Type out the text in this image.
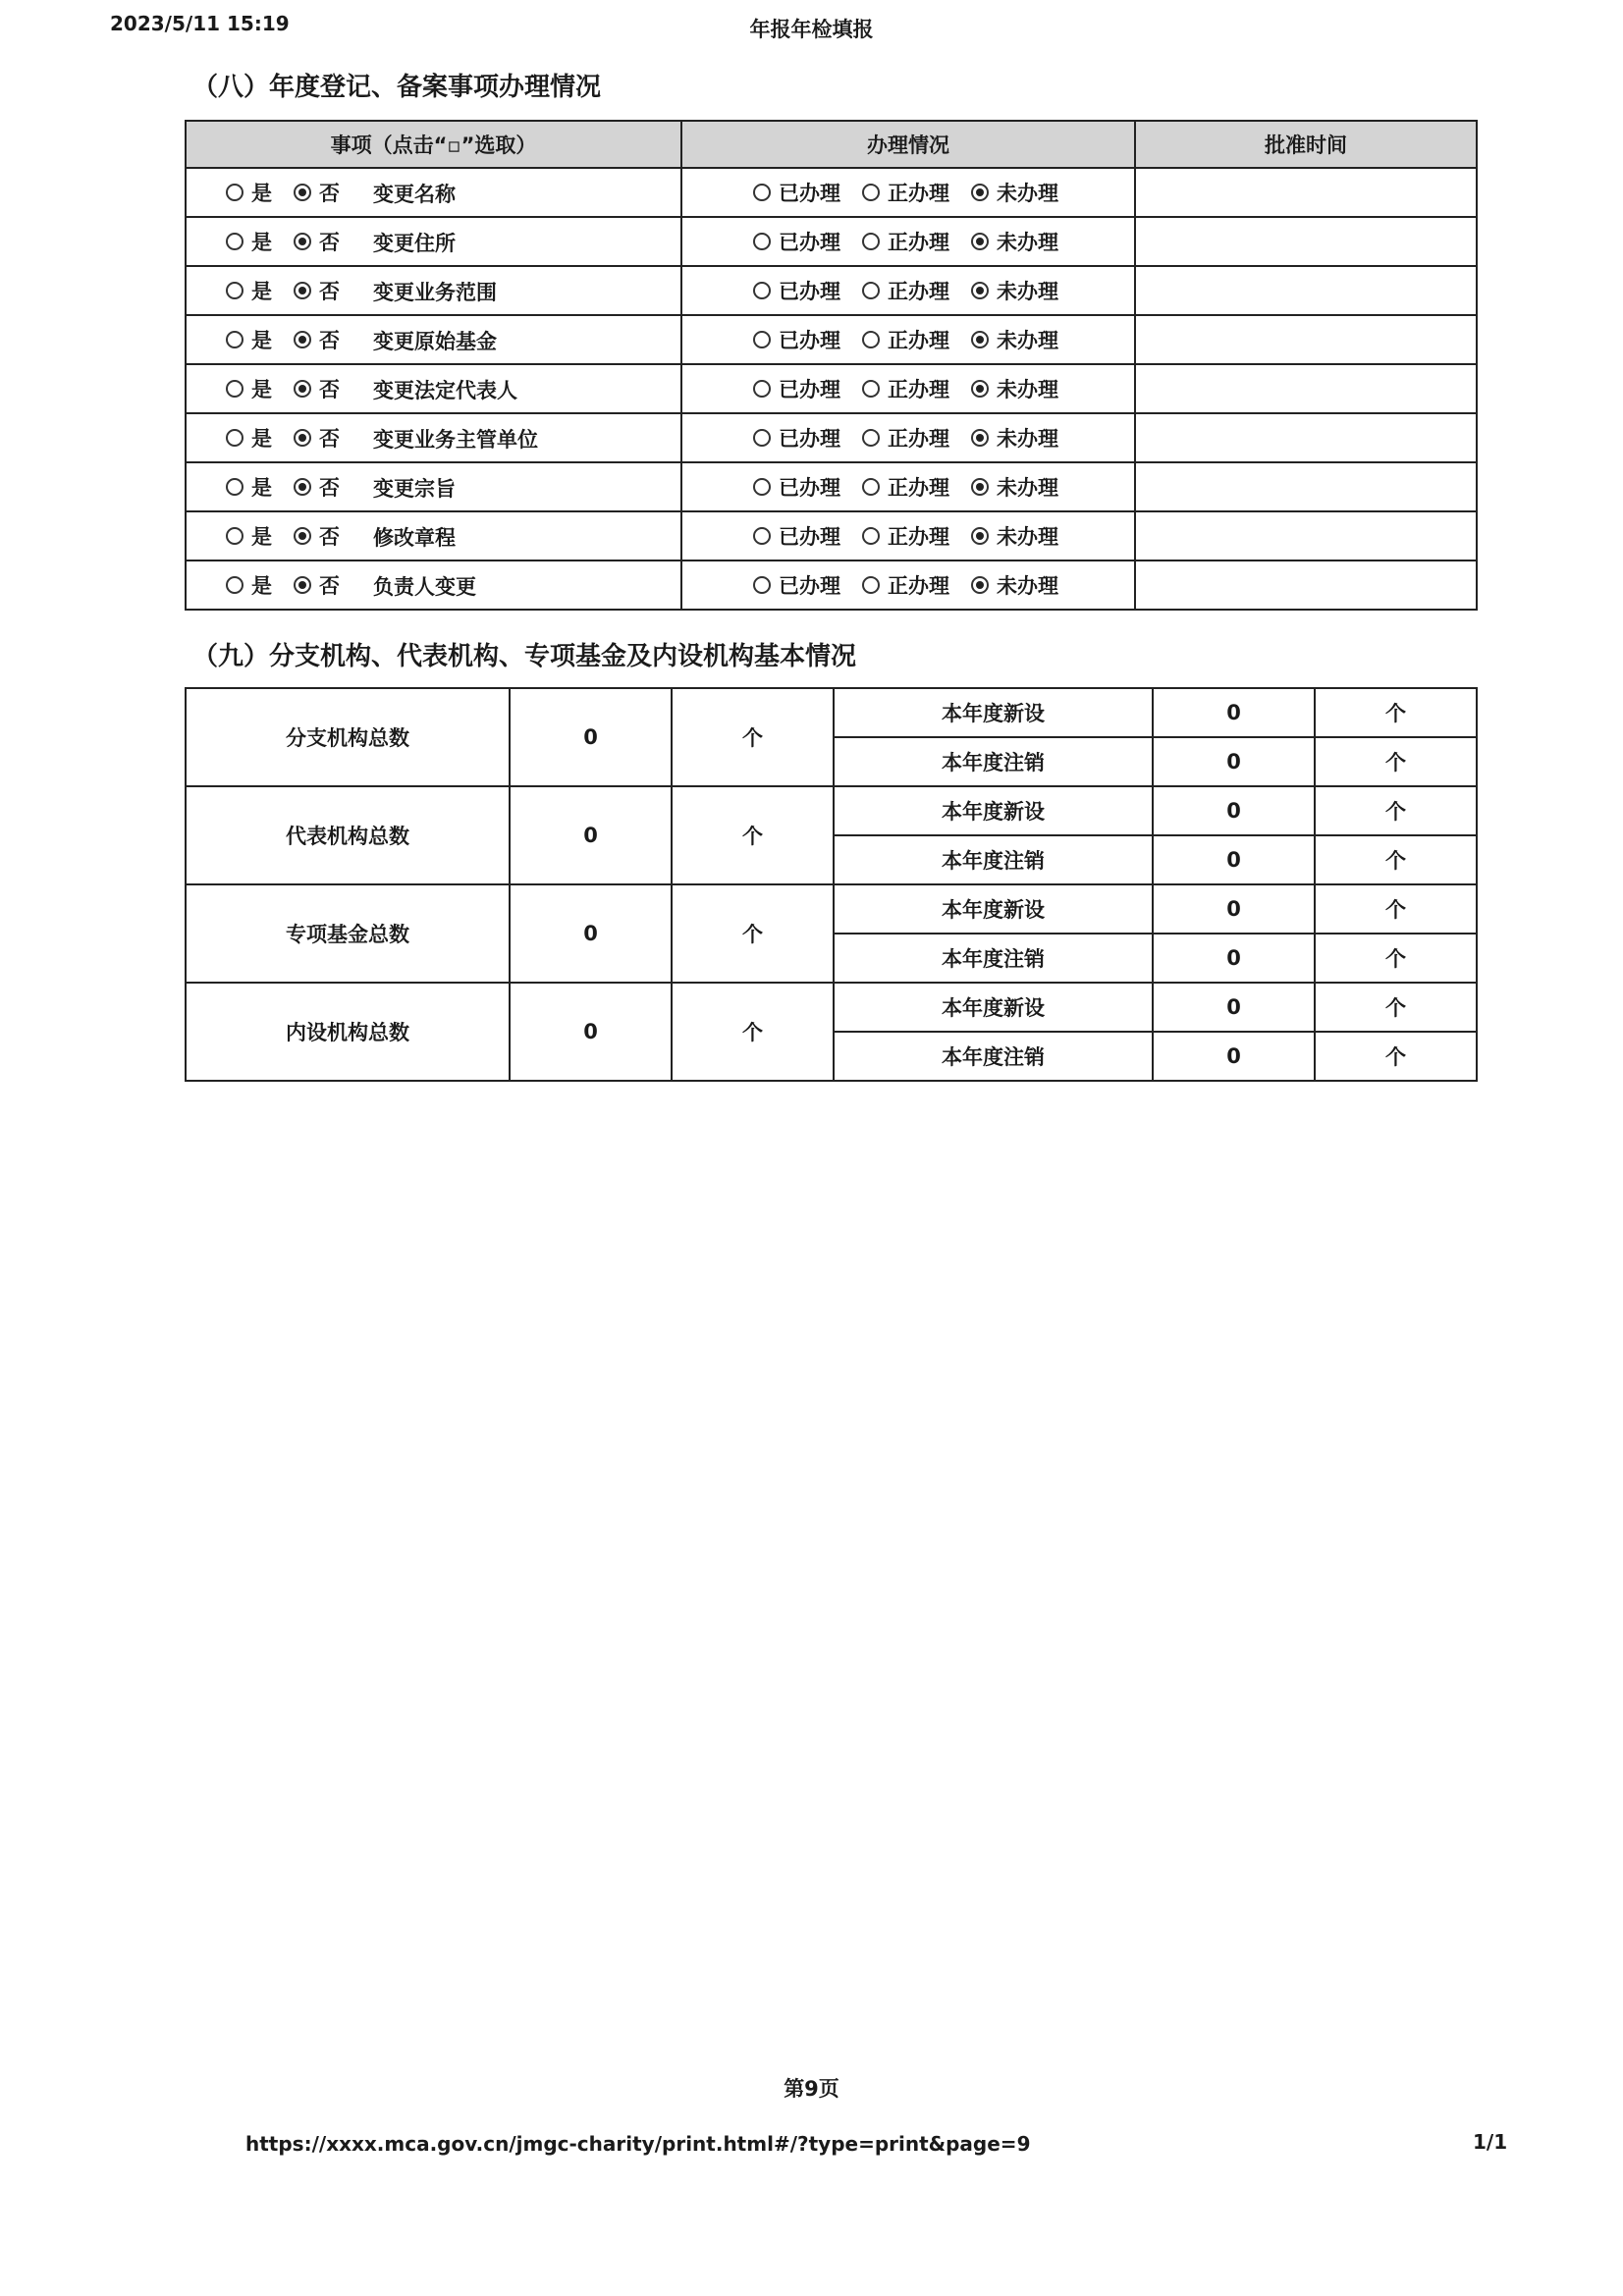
2023/5/11 15:19	年报年检填报
（八）年度登记、备案事项办理情况
事项（点击“▫”选取）	办理情况	批准时间

是 否 变更名称	已办理 正办理 未办理	

是 否 变更住所	已办理 正办理 未办理	

是 否 变更业务范围	已办理 正办理 未办理	

是 否 变更原始基金	已办理 正办理 未办理	

是 否 变更法定代表人	已办理 正办理 未办理	

是 否 变更业务主管单位	已办理 正办理 未办理	

是 否 变更宗旨	已办理 正办理 未办理	

是 否 修改章程	已办理 正办理 未办理	

是 否 负责人变更	已办理 正办理 未办理	

（九）分支机构、代表机构、专项基金及内设机构基本情况
分支机构总数	0	个	本年度新设	0	个
			本年度注销	0	个
代表机构总数	0	个	本年度新设	0	个
			本年度注销	0	个
专项基金总数	0	个	本年度新设	0	个
			本年度注销	0	个
内设机构总数	0	个	本年度新设	0	个
			本年度注销	0	个
第9页
https://xxxx.mca.gov.cn/jmgc-charity/print.html#/?type=print&page=9	1/1
